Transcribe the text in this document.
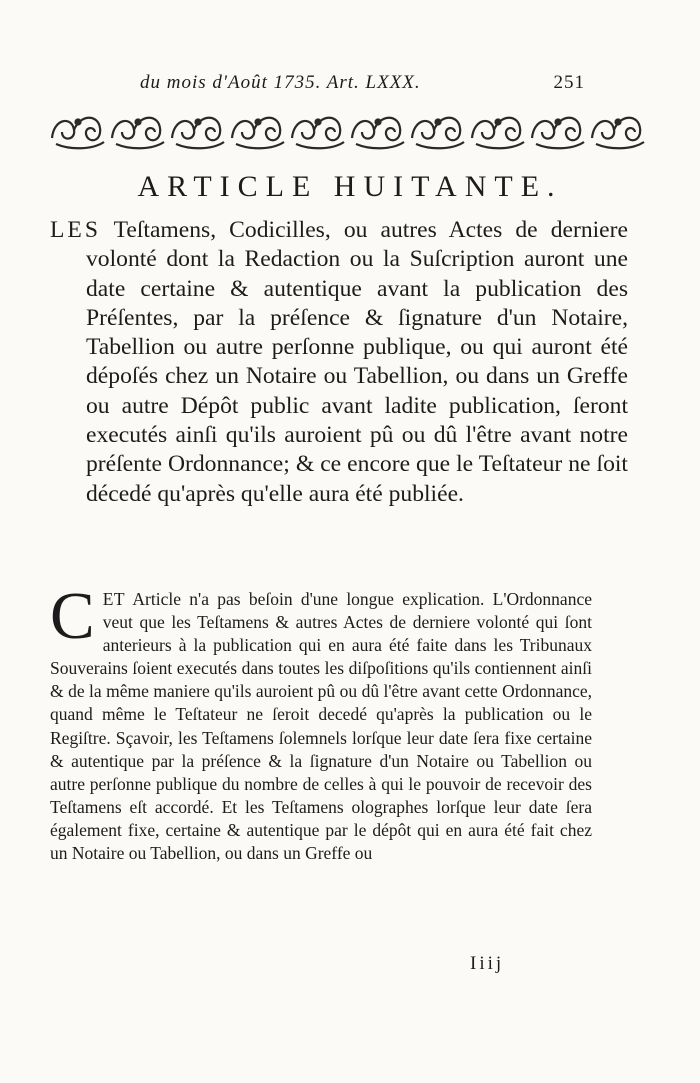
du mois d'Août 1735. Art. LXXX.	251
ARTICLE HUITANTE.

LES Teſtamens, Codicilles, ou autres Actes de derniere volonté dont la Redaction ou la Suſcription auront une date certaine & autentique avant la publication des Préſentes, par la préſence & ſignature d'un Notaire, Tabellion ou autre perſonne publique, ou qui auront été dépoſés chez un Notaire ou Tabellion, ou dans un Greffe ou autre Dépôt public avant ladite publication, ſeront executés ainſi qu'ils auroient pû ou dû l'être avant notre préſente Ordonnance; & ce encore que le Teſtateur ne ſoit décedé qu'après qu'elle aura été publiée.

CET Article n'a pas beſoin d'une longue explication. L'Ordonnance veut que les Teſtamens & autres Actes de derniere volonté qui ſont anterieurs à la publication qui en aura été faite dans les Tribunaux Souverains ſoient executés dans toutes les diſpoſitions qu'ils contiennent ainſi & de la même maniere qu'ils auroient pû ou dû l'être avant cette Ordonnance, quand même le Teſtateur ne ſeroit decedé qu'après la publication ou le Regiſtre. Sçavoir, les Teſtamens ſolemnels lorſque leur date ſera fixe certaine & autentique par la préſence & la ſignature d'un Notaire ou Tabellion ou autre perſonne publique du nombre de celles à qui le pouvoir de recevoir des Teſtamens eſt accordé. Et les Teſtamens olographes lorſque leur date ſera également fixe, certaine & autentique par le dépôt qui en aura été fait chez un Notaire ou Tabellion, ou dans un Greffe ou

Iiij
